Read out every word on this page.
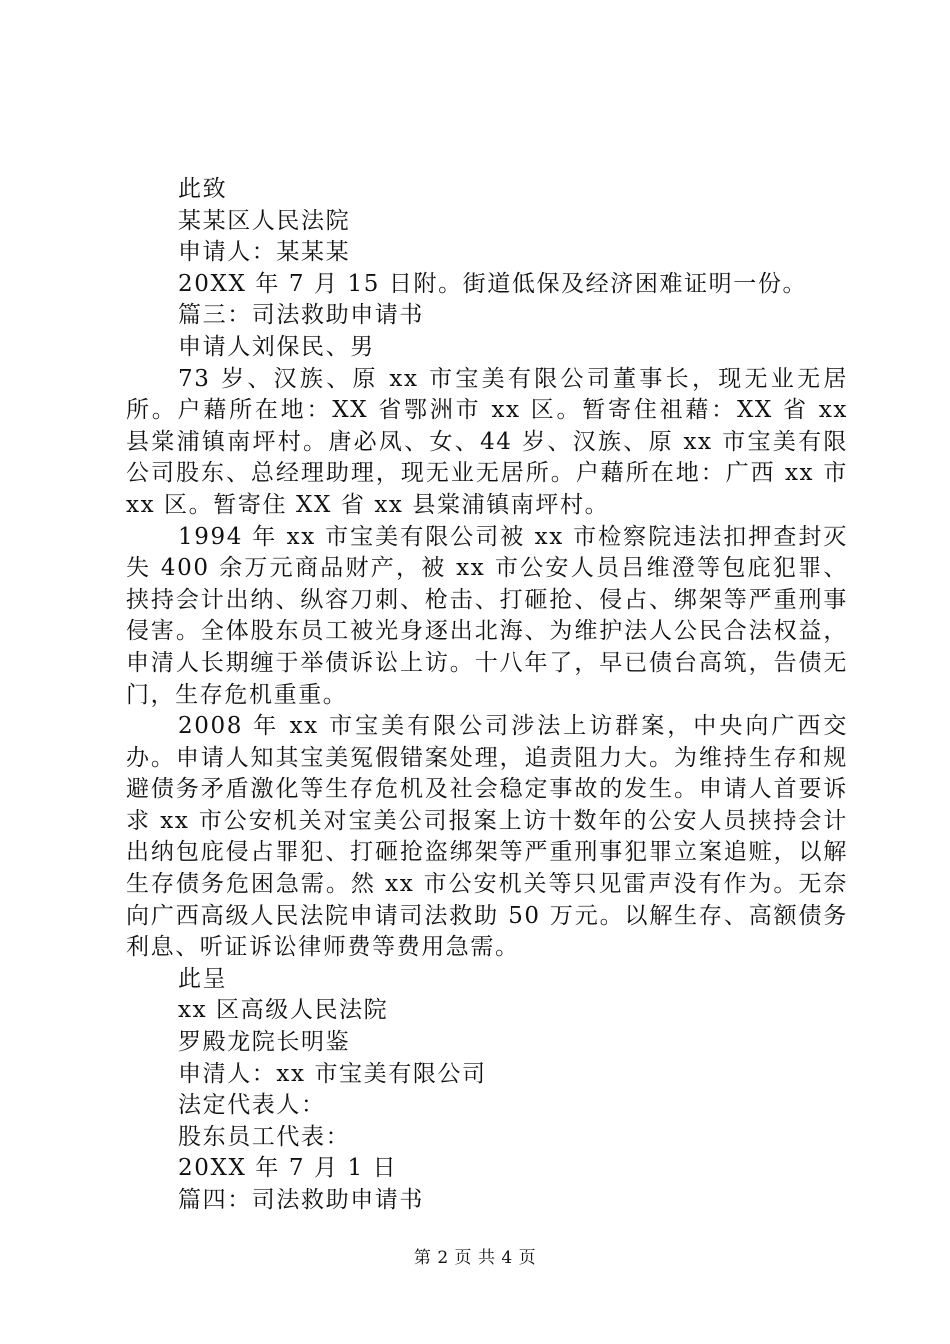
此致

某某区人民法院

申请人：某某某

20XX 年 7 月 15 日附。街道低保及经济困难证明一份。

篇三：司法救助申请书

申请人刘保民、男

73 岁、汉族、原 xx 市宝美有限公司董事长，现无业无居所。户藉所在地：XX 省鄂洲市 xx 区。暂寄住祖藉：XX 省 xx 县棠浦镇南坪村。唐必凤、女、44 岁、汉族、原 xx 市宝美有限公司股东、总经理助理，现无业无居所。户藉所在地：广西 xx 市 xx 区。暂寄住 XX 省 xx 县棠浦镇南坪村。

1994 年 xx 市宝美有限公司被 xx 市检察院违法扣押查封灭失 400 余万元商品财产，被 xx 市公安人员吕维澄等包庇犯罪、挟持会计出纳、纵容刀刺、枪击、打砸抢、侵占、绑架等严重刑事侵害。全体股东员工被光身逐出北海、为维护法人公民合法权益，申清人长期缠于举债诉讼上访。十八年了，早已债台高筑，告债无门，生存危机重重。

2008 年 xx 市宝美有限公司涉法上访群案，中央向广西交办。申请人知其宝美冤假错案处理，追责阻力大。为维持生存和规避债务矛盾激化等生存危机及社会稳定事故的发生。申请人首要诉求 xx 市公安机关对宝美公司报案上访十数年的公安人员挟持会计出纳包庇侵占罪犯、打砸抢盗绑架等严重刑事犯罪立案追赃，以解生存债务危困急需。然 xx 市公安机关等只见雷声没有作为。无奈向广西高级人民法院申请司法救助 50 万元。以解生存、高额债务利息、听证诉讼律师费等费用急需。

此呈

xx 区高级人民法院

罗殿龙院长明鉴

申清人：xx 市宝美有限公司

法定代表人：

股东员工代表：

20XX 年 7 月 1 日

篇四：司法救助申请书

第 2 页 共 4 页
